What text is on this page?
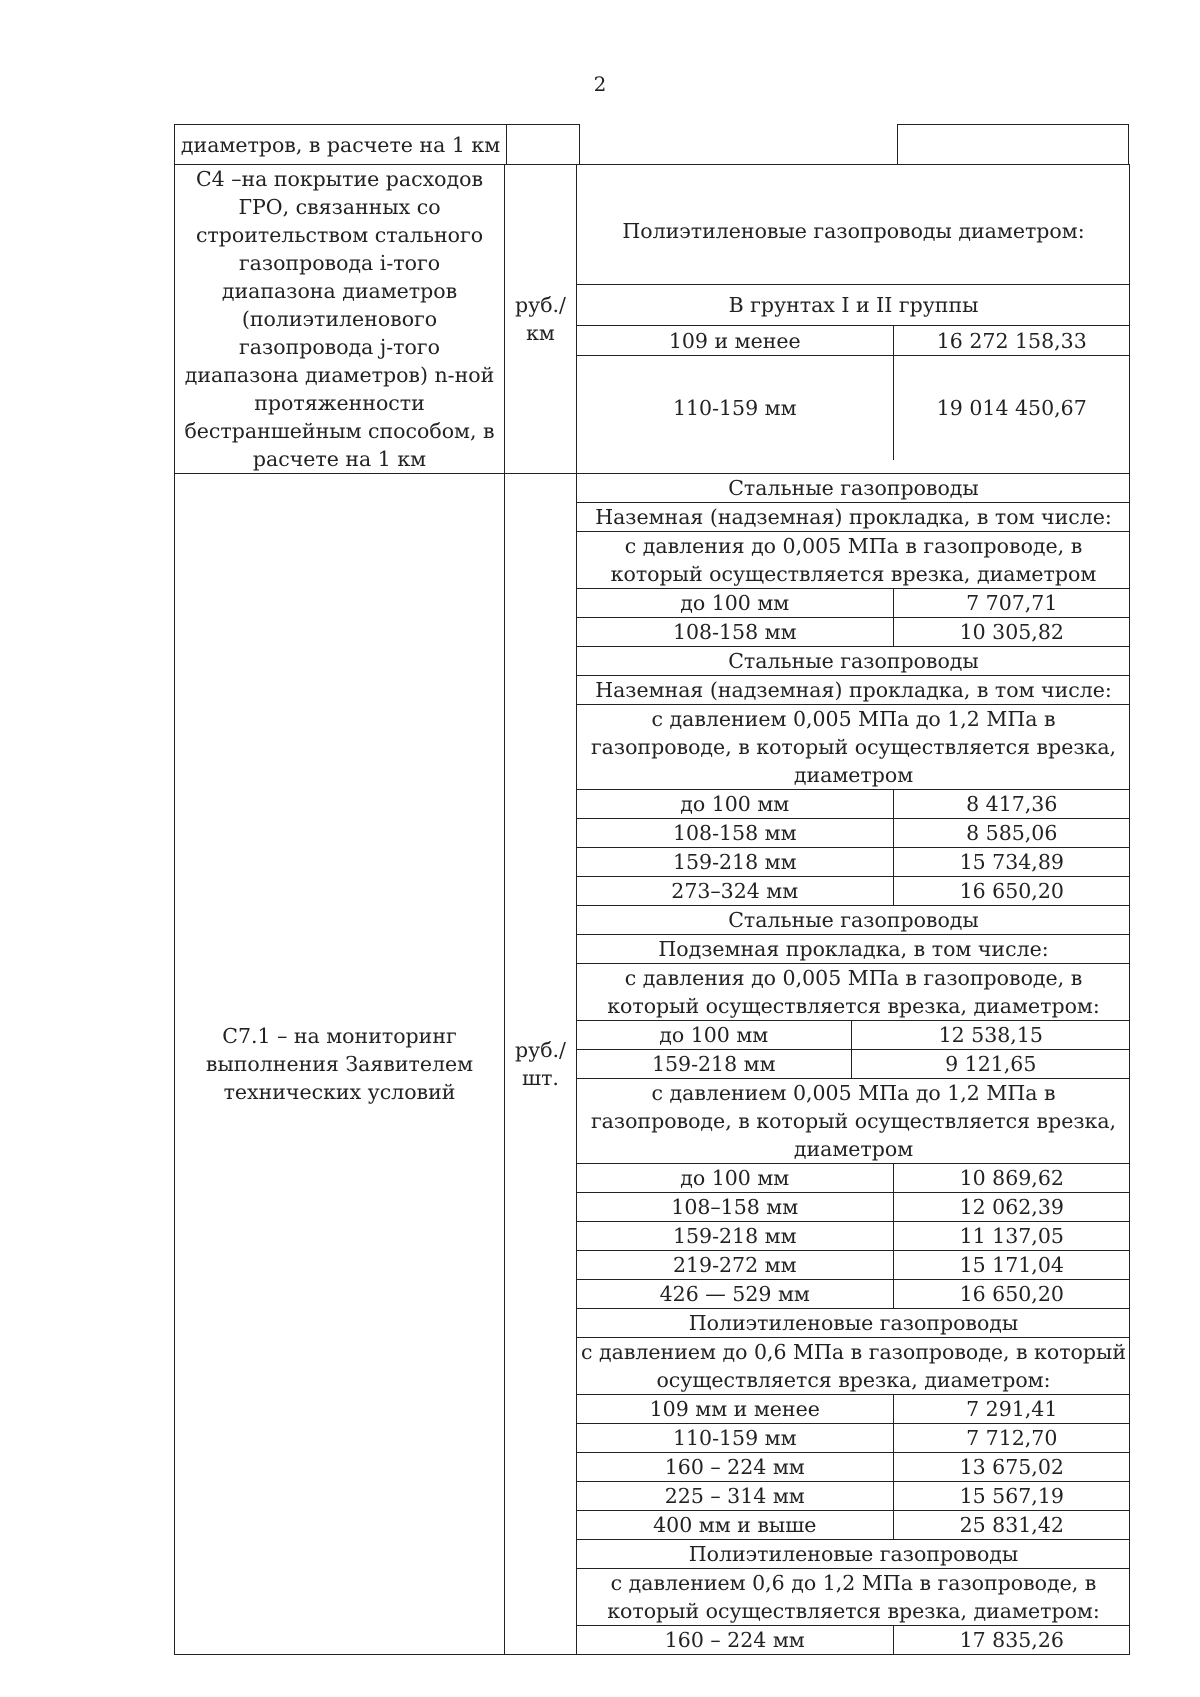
2
диаметров, в расчете на 1 км			
С4 –на покрытие расходов ГРО, связанных со строительством стального газопровода i-того диапазона диаметров (полиэтиленового газопровода j-того диапазона диаметров) n-ной протяженности бестраншейным способом, в расчете на 1 км	руб./ км	
Полиэтиленовые газопроводы диаметром:
В грунтах I и II группы
109 и менее	16 272 158,33
110-159 мм	19 014 450,67

С7.1 – на мониторинг выполнения Заявителем технических условий	руб./ шт.	
Стальные газопроводы
Наземная (надземная) прокладка, в том числе:
с давления до 0,005 МПа в газопроводе, в который осуществляется врезка, диаметром
до 100 мм	7 707,71
108-158 мм	10 305,82
Стальные газопроводы
Наземная (надземная) прокладка, в том числе:
с давлением 0,005 МПа до 1,2 МПа в газопроводе, в который осуществляется врезка, диаметром
до 100 мм	8 417,36
108-158 мм	8 585,06
159-218 мм	15 734,89
273–324 мм	16 650,20
Стальные газопроводы
Подземная прокладка, в том числе:
с давления до 0,005 МПа в газопроводе, в который осуществляется врезка, диаметром:

до 100 мм	12 538,15
159-218 мм	9 121,65

с давлением 0,005 МПа до 1,2 МПа в газопроводе, в который осуществляется врезка, диаметром
до 100 мм	10 869,62
108–158 мм	12 062,39
159-218 мм	11 137,05
219-272 мм	15 171,04
426 — 529 мм	16 650,20
Полиэтиленовые газопроводы
с давлением до 0,6 МПа в газопроводе, в который осуществляется врезка, диаметром:
109 мм и менее	7 291,41
110-159 мм	7 712,70
160 – 224 мм	13 675,02
225 – 314 мм	15 567,19
400 мм и выше	25 831,42
Полиэтиленовые газопроводы
с давлением 0,6 до 1,2 МПа в газопроводе, в который осуществляется врезка, диаметром:
160 – 224 мм	17 835,26
